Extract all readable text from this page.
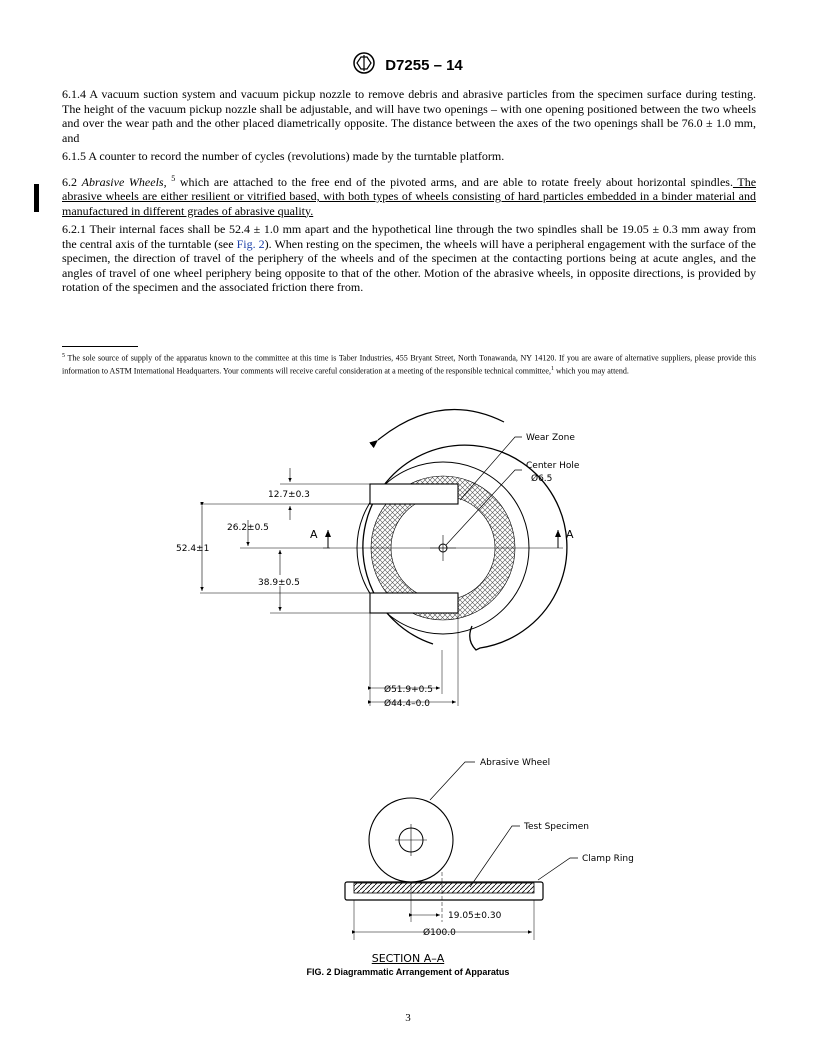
D7255 – 14

6.1.4 A vacuum suction system and vacuum pickup nozzle to remove debris and abrasive particles from the specimen surface during testing. The height of the vacuum pickup nozzle shall be adjustable, and will have two openings – with one opening positioned between the two wheels and over the wear path and the other placed diametrically opposite. The distance between the axes of the two openings shall be 76.0 ± 1.0 mm, and

6.1.5 A counter to record the number of cycles (revolutions) made by the turntable platform.

6.2 Abrasive Wheels, $^5$ which are attached to the free end of the pivoted arms, and are able to rotate freely about horizontal spindles. The abrasive wheels are either resilient or vitrified based, with both types of wheels consisting of hard particles embedded in a binder material and manufactured in different grades of abrasive quality.

6.2.1 Their internal faces shall be 52.4 ± 1.0 mm apart and the hypothetical line through the two spindles shall be 19.05 ± 0.3 mm away from the central axis of the turntable (see Fig. 2). When resting on the specimen, the wheels will have a peripheral engagement with the surface of the specimen, the direction of travel of the periphery of the wheels and of the specimen at the contacting portions being at acute angles, and the angles of travel of one wheel periphery being opposite to that of the other. Motion of the abrasive wheels, in opposite directions, is provided by rotation of the specimen and the associated friction there from.

$^5$ The sole source of supply of the apparatus known to the committee at this time is Taber Industries, 455 Bryant Street, North Tonawanda, NY 14120. If you are aware of alternative suppliers, please provide this information to ASTM International Headquarters. Your comments will receive careful consideration at a meeting of the responsible technical committee,$^1$ which you may attend.
Wear Zone
Center Hole
Ø6.5
12.7±0.3
26.2±0.5
52.4±1
38.9±0.5
Ø51.9+0.5
Ø44.4–0.0
A	A
Abrasive Wheel
Test Specimen
Clamp Ring
19.05±0.30
Ø100.0
SECTION A–A
FIG. 2 Diagrammatic Arrangement of Apparatus
3
